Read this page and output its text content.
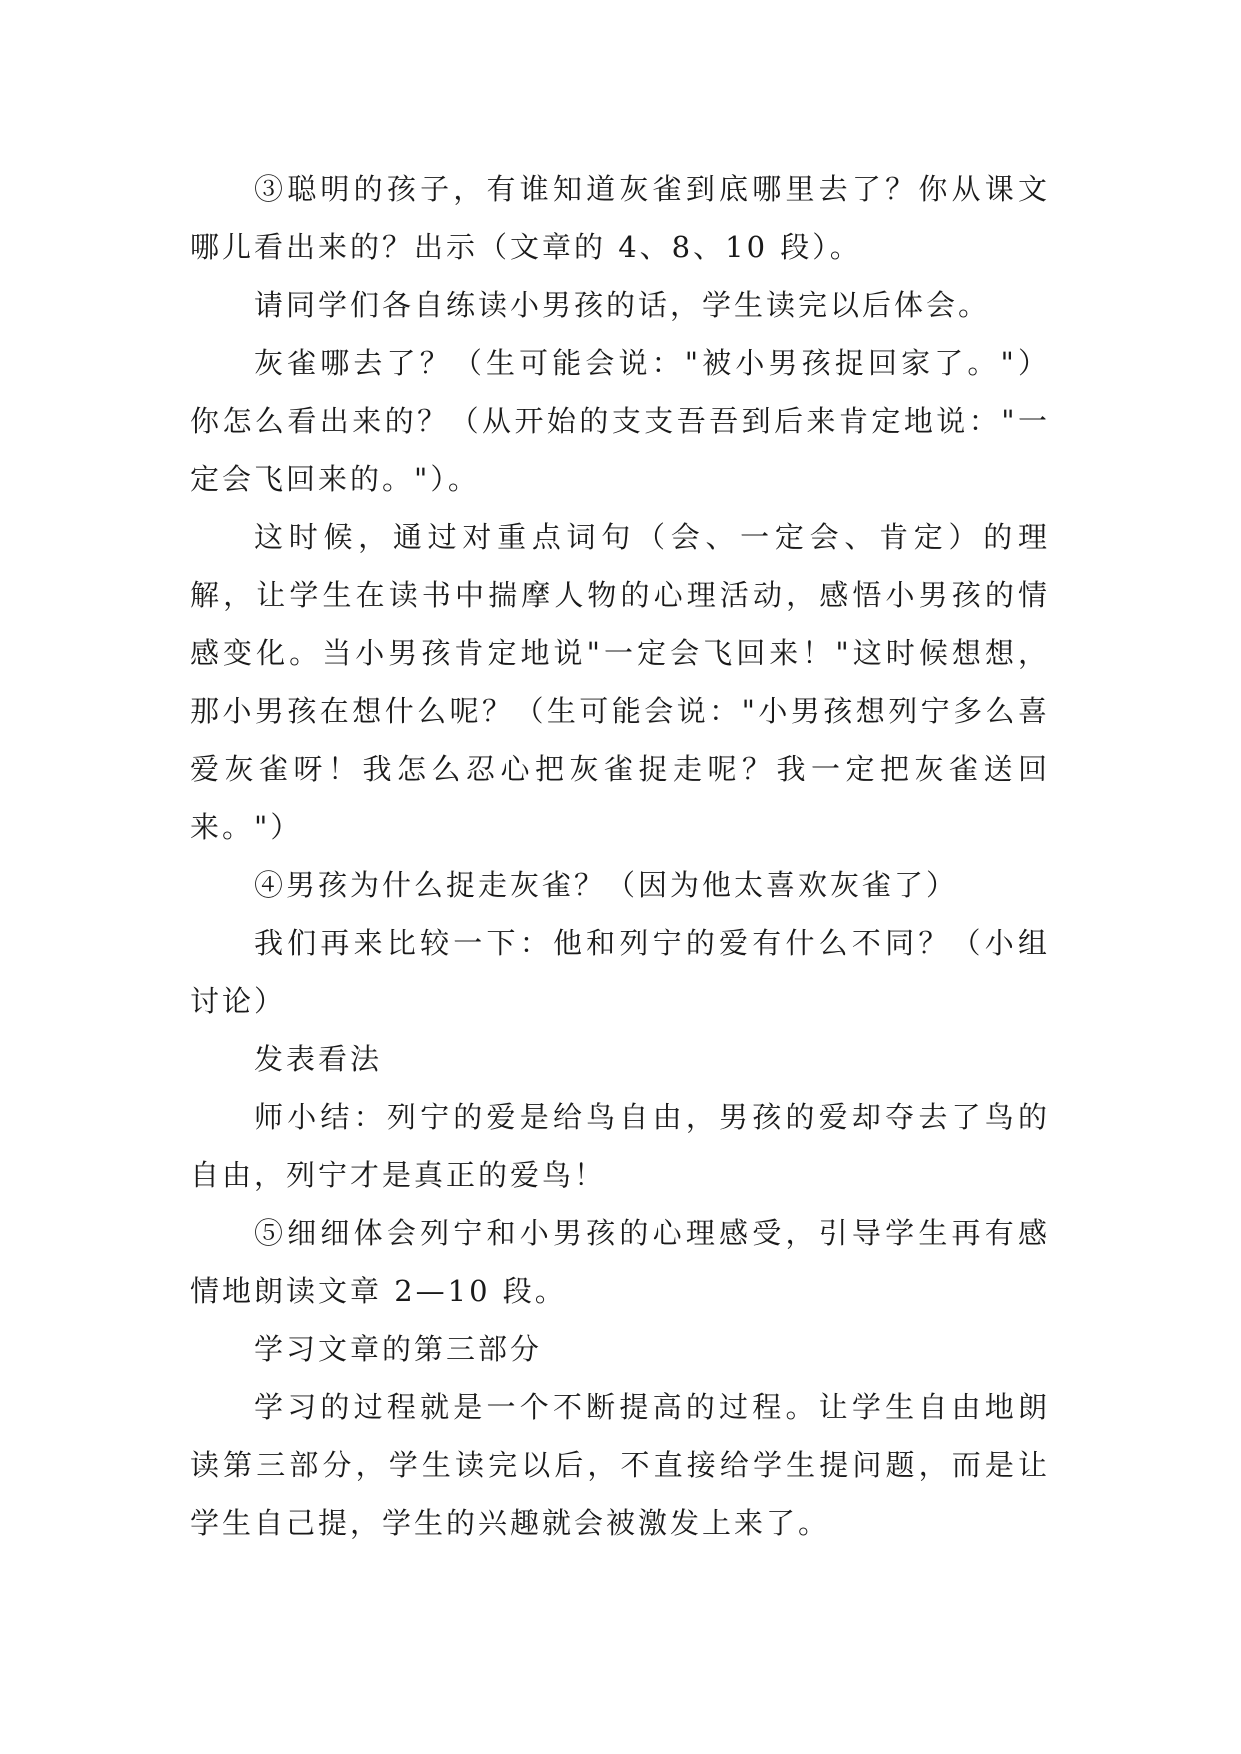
③聪明的孩子，有谁知道灰雀到底哪里去了？你从课文哪儿看出来的？出示（文章的 4、8、10 段）。

请同学们各自练读小男孩的话，学生读完以后体会。

灰雀哪去了？（生可能会说："被小男孩捉回家了。"）你怎么看出来的？（从开始的支支吾吾到后来肯定地说："一定会飞回来的。"）。

这时候，通过对重点词句（会、一定会、肯定）的理解，让学生在读书中揣摩人物的心理活动，感悟小男孩的情感变化。当小男孩肯定地说"一定会飞回来！"这时候想想，那小男孩在想什么呢？（生可能会说："小男孩想列宁多么喜爱灰雀呀！我怎么忍心把灰雀捉走呢？我一定把灰雀送回来。"）

④男孩为什么捉走灰雀？（因为他太喜欢灰雀了）

我们再来比较一下：他和列宁的爱有什么不同？（小组讨论）

发表看法

师小结：列宁的爱是给鸟自由，男孩的爱却夺去了鸟的自由，列宁才是真正的爱鸟！

⑤细细体会列宁和小男孩的心理感受，引导学生再有感情地朗读文章 2—10 段。

学习文章的第三部分

学习的过程就是一个不断提高的过程。让学生自由地朗读第三部分，学生读完以后，不直接给学生提问题，而是让学生自己提，学生的兴趣就会被激发上来了。
